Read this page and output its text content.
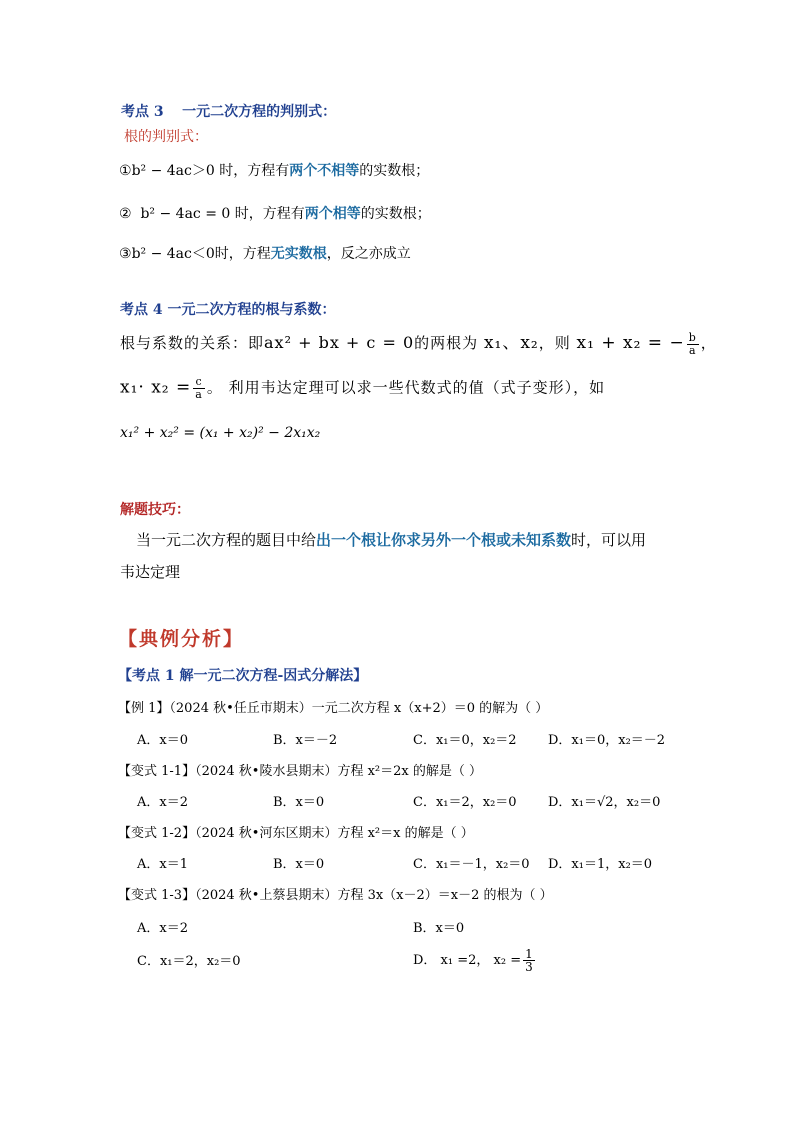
考点 3 一元二次方程的判别式：
根的判别式：
①b² − 4ac＞0 时，方程有两个不相等的实数根；
② b² − 4ac = 0 时，方程有两个相等的实数根；
③b² − 4ac＜0时，方程无实数根，反之亦成立
考点 4 一元二次方程的根与系数：
根与系数的关系：即ax² + bx + c = 0的两根为 x₁、x₂，则 x₁ + x₂ = − $\frac{b}{a}$ ，
$x_1\cdot x_2 = \frac{c}{a}$ 。 利用韦达定理可以求一些代数式的值（式子变形），如
x₁² + x₂² = (x₁ + x₂)² − 2x₁x₂
解题技巧：
当一元二次方程的题目中给出一个根让你求另外一个根或未知系数时，可以用
韦达定理
【典例分析】
【考点 1 解一元二次方程-因式分解法】
【例 1】（2024 秋•任丘市期末）一元二次方程 x（x+2）＝0 的解为（ ）
A．x＝0	B．x＝－2	C．x₁＝0，x₂＝2 D．x₁＝0，x₂＝－2
【变式 1-1】（2024 秋•陵水县期末）方程 x²＝2x 的解是（ ）
A．x＝2	B．x＝0	C．x₁＝2，x₂＝0 D．x₁＝√2，x₂＝0
【变式 1-2】（2024 秋•河东区期末）方程 x²＝x 的解是（ ）
A．x＝1	B．x＝0	C．x₁＝－1，x₂＝0 D．x₁＝1，x₂＝0
【变式 1-3】（2024 秋•上蔡县期末）方程 3x（x－2）＝x－2 的根为（ ）
A．x＝2	B．x＝0
C．x₁＝2，x₂＝0	D． x₁ =2， $x_2 = \frac{1}{3}$
